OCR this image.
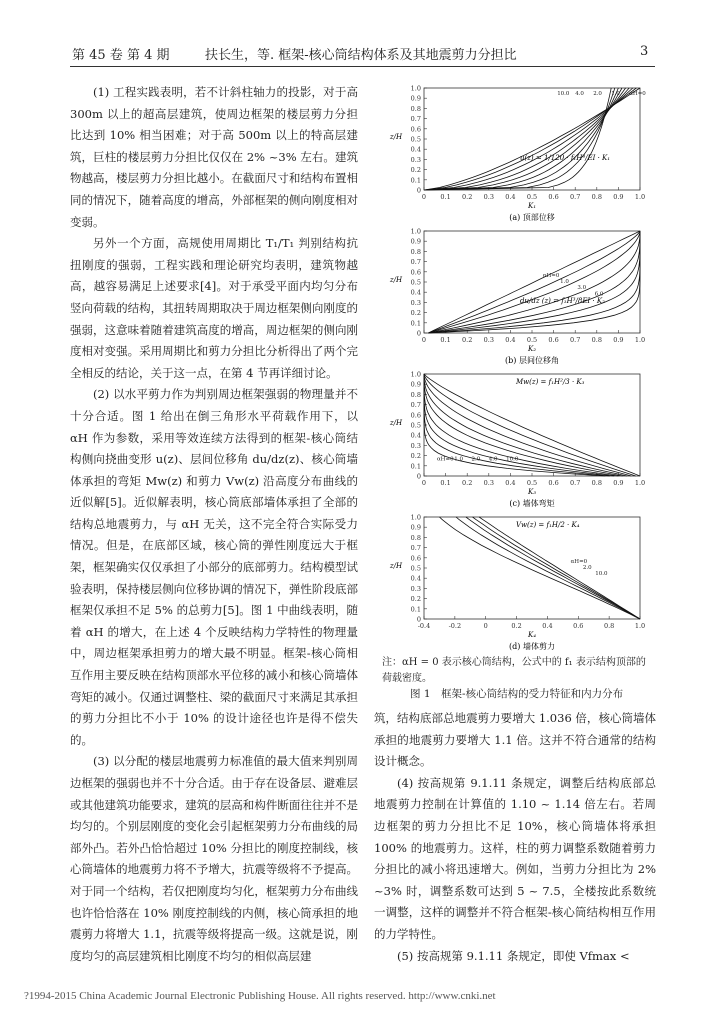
第 45 卷 第 4 期	扶长生，等. 框架-核心筒结构体系及其地震剪力分担比	3

(1) 工程实践表明，若不计斜柱轴力的投影，对于高 300m 以上的超高层建筑，使周边框架的楼层剪力分担比达到 10% 相当困难；对于高 500m 以上的特高层建筑，巨柱的楼层剪力分担比仅仅在 2% ~3% 左右。建筑物越高，楼层剪力分担比越小。在截面尺寸和结构布置相同的情况下，随着高度的增高，外部框架的侧向刚度相对变弱。

另外一个方面，高规使用周期比 T₁/T₁ 判别结构抗扭刚度的强弱，工程实践和理论研究均表明，建筑物越高，越容易满足上述要求[4]。对于承受平面内均匀分布竖向荷载的结构，其扭转周期取决于周边框架侧向刚度的强弱，这意味着随着建筑高度的增高，周边框架的侧向刚度相对变强。采用周期比和剪力分担比分析得出了两个完全相反的结论，关于这一点，在第 4 节再详细讨论。

(2) 以水平剪力作为判别周边框架强弱的物理量并不十分合适。图 1 给出在倒三角形水平荷载作用下，以 αH 作为参数，采用等效连续方法得到的框架-核心筒结构侧向挠曲变形 u(z)、层间位移角 du/dz(z)、核心筒墙体承担的弯矩 Mw(z) 和剪力 Vw(z) 沿高度分布曲线的近似解[5]。近似解表明，核心筒底部墙体承担了全部的结构总地震剪力，与 αH 无关，这不完全符合实际受力情况。但是，在底部区域，核心筒的弹性刚度远大于框架，框架确实仅仅承担了小部分的底部剪力。结构模型试验表明，保持楼层侧向位移协调的情况下，弹性阶段底部框架仅承担不足 5% 的总剪力[5]。图 1 中曲线表明，随着 αH 的增大，在上述 4 个反映结构力学特性的物理量中，周边框架承担剪力的增大最不明显。框架-核心筒相互作用主要反映在结构顶部水平位移的减小和核心筒墙体弯矩的减小。仅通过调整柱、梁的截面尺寸来满足其承担的剪力分担比不小于 10% 的设计途径也许是得不偿失的。

(3) 以分配的楼层地震剪力标准值的最大值来判别周边框架的强弱也并不十分合适。由于存在设备层、避难层或其他建筑功能要求，建筑的层高和构件断面往往并不是均匀的。个别层刚度的变化会引起框架剪力分布曲线的局部外凸。若外凸恰恰超过 10% 分担比的刚度控制线，核心筒墙体的地震剪力将不予增大，抗震等级将不予提高。对于同一个结构，若仅把刚度均匀化，框架剪力分布曲线也许恰恰落在 10% 刚度控制线的内侧，核心筒承担的地震剪力将增大 1.1，抗震等级将提高一级。这就是说，刚度均匀的高层建筑相比刚度不均匀的相似高层建

1.0
0.9
0.8
0.7
0.6
0.5
0.4
0.3
0.2
0.1
0
0 0.1 0.2 0.3 0.4 0.5 0.6 0.7 0.8 0.9 1.0
K₁
z/H
(a) 顶部位移
u(z) = 1/120 · f₁H⁴/EI · K₁
αH=0
1.0
2.0
4.0
10.0
1.0
0.9
0.8
0.7
0.6
0.5
0.4
0.3
0.2
0.1
0
0 0.1 0.2 0.3 0.4 0.5 0.6 0.7 0.8 0.9 1.0
K₂
z/H
(b) 层间位移角
du/dz (z) = f₁H³/8EI · K₂
αH=0
1.0
3.0
6.0
1.0
0.9
0.8
0.7
0.6
0.5
0.4
0.3
0.2
0.1
0
0 0.1 0.2 0.3 0.4 0.5 0.6 0.7 0.8 0.9 1.0
K₃
z/H
(c) 墙体弯矩
Mw(z) = f₁H²/3 · K₃
αH=0 1.0 2.0 4.0 10.0
1.0
0.9
0.8
0.7
0.6
0.5
0.4
0.3
0.2
0.1
0
-0.4	-0.2	0	0.2	0.4	0.6	0.8	1.0
K₄
z/H
(d) 墙体剪力
Vw(z) = f₁H/2 · K₄
αH=0
2.0
10.0
注：αH = 0 表示核心筒结构，公式中的 f₁ 表示结构顶部的荷载密度。
图 1　框架-核心筒结构的受力特征和内力分布

筑，结构底部总地震剪力要增大 1.036 倍，核心筒墙体承担的地震剪力要增大 1.1 倍。这并不符合通常的结构设计概念。

(4) 按高规第 9.1.11 条规定，调整后结构底部总地震剪力控制在计算值的 1.10 ~ 1.14 倍左右。若周边框架的剪力分担比不足 10%，核心筒墙体将承担 100% 的地震剪力。这样，柱的剪力调整系数随着剪力分担比的减小将迅速增大。例如，当剪力分担比为 2% ~3% 时，调整系数可达到 5 ~ 7.5，全楼按此系数统一调整，这样的调整并不符合框架-核心筒结构相互作用的力学特性。

(5) 按高规第 9.1.11 条规定，即使 Vfmax <

?1994-2015 China Academic Journal Electronic Publishing House. All rights reserved. http://www.cnki.net
